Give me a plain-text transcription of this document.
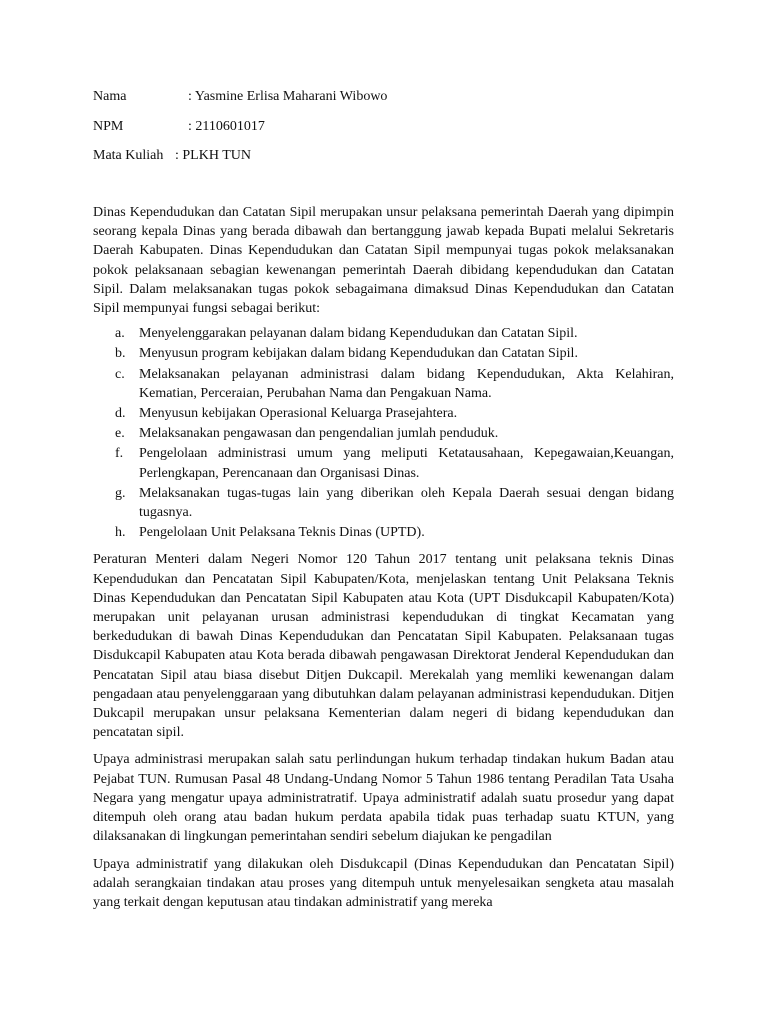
Nama	: Yasmine Erlisa Maharani Wibowo
NPM	: 2110601017
Mata Kuliah : PLKH TUN

Dinas Kependudukan dan Catatan Sipil merupakan unsur pelaksana pemerintah Daerah yang dipimpin seorang kepala Dinas yang berada dibawah dan bertanggung jawab kepada Bupati melalui Sekretaris Daerah Kabupaten. Dinas Kependudukan dan Catatan Sipil mempunyai tugas pokok melaksanakan pokok pelaksanaan sebagian kewenangan pemerintah Daerah dibidang kependudukan dan Catatan Sipil. Dalam melaksanakan tugas pokok sebagaimana dimaksud Dinas Kependudukan dan Catatan Sipil mempunyai fungsi sebagai berikut:

a. Menyelenggarakan pelayanan dalam bidang Kependudukan dan Catatan Sipil.
b. Menyusun program kebijakan dalam bidang Kependudukan dan Catatan Sipil.
c. Melaksanakan pelayanan administrasi dalam bidang Kependudukan, Akta Kelahiran, Kematian, Perceraian, Perubahan Nama dan Pengakuan Nama.
d. Menyusun kebijakan Operasional Keluarga Prasejahtera.
e. Melaksanakan pengawasan dan pengendalian jumlah penduduk.
f. Pengelolaan administrasi umum yang meliputi Ketatausahaan, Kepegawaian,Keuangan, Perlengkapan, Perencanaan dan Organisasi Dinas.
g. Melaksanakan tugas-tugas lain yang diberikan oleh Kepala Daerah sesuai dengan bidang tugasnya.
h. Pengelolaan Unit Pelaksana Teknis Dinas (UPTD).

Peraturan Menteri dalam Negeri Nomor 120 Tahun 2017 tentang unit pelaksana teknis Dinas Kependudukan dan Pencatatan Sipil Kabupaten/Kota, menjelaskan tentang Unit Pelaksana Teknis Dinas Kependudukan dan Pencatatan Sipil Kabupaten atau Kota (UPT Disdukcapil Kabupaten/Kota) merupakan unit pelayanan urusan administrasi kependudukan di tingkat Kecamatan yang berkedudukan di bawah Dinas Kependudukan dan Pencatatan Sipil Kabupaten. Pelaksanaan tugas Disdukcapil Kabupaten atau Kota berada dibawah pengawasan Direktorat Jenderal Kependudukan dan Pencatatan Sipil atau biasa disebut Ditjen Dukcapil. Merekalah yang memliki kewenangan dalam pengadaan atau penyelenggaraan yang dibutuhkan dalam pelayanan administrasi kependudukan. Ditjen Dukcapil merupakan unsur pelaksana Kementerian dalam negeri di bidang kependudukan dan pencatatan sipil.

Upaya administrasi merupakan salah satu perlindungan hukum terhadap tindakan hukum Badan atau Pejabat TUN. Rumusan Pasal 48 Undang-Undang Nomor 5 Tahun 1986 tentang Peradilan Tata Usaha Negara yang mengatur upaya administratratif. Upaya administratif adalah suatu prosedur yang dapat ditempuh oleh orang atau badan hukum perdata apabila tidak puas terhadap suatu KTUN, yang dilaksanakan di lingkungan pemerintahan sendiri sebelum diajukan ke pengadilan

Upaya administratif yang dilakukan oleh Disdukcapil (Dinas Kependudukan dan Pencatatan Sipil) adalah serangkaian tindakan atau proses yang ditempuh untuk menyelesaikan sengketa atau masalah yang terkait dengan keputusan atau tindakan administratif yang mereka
